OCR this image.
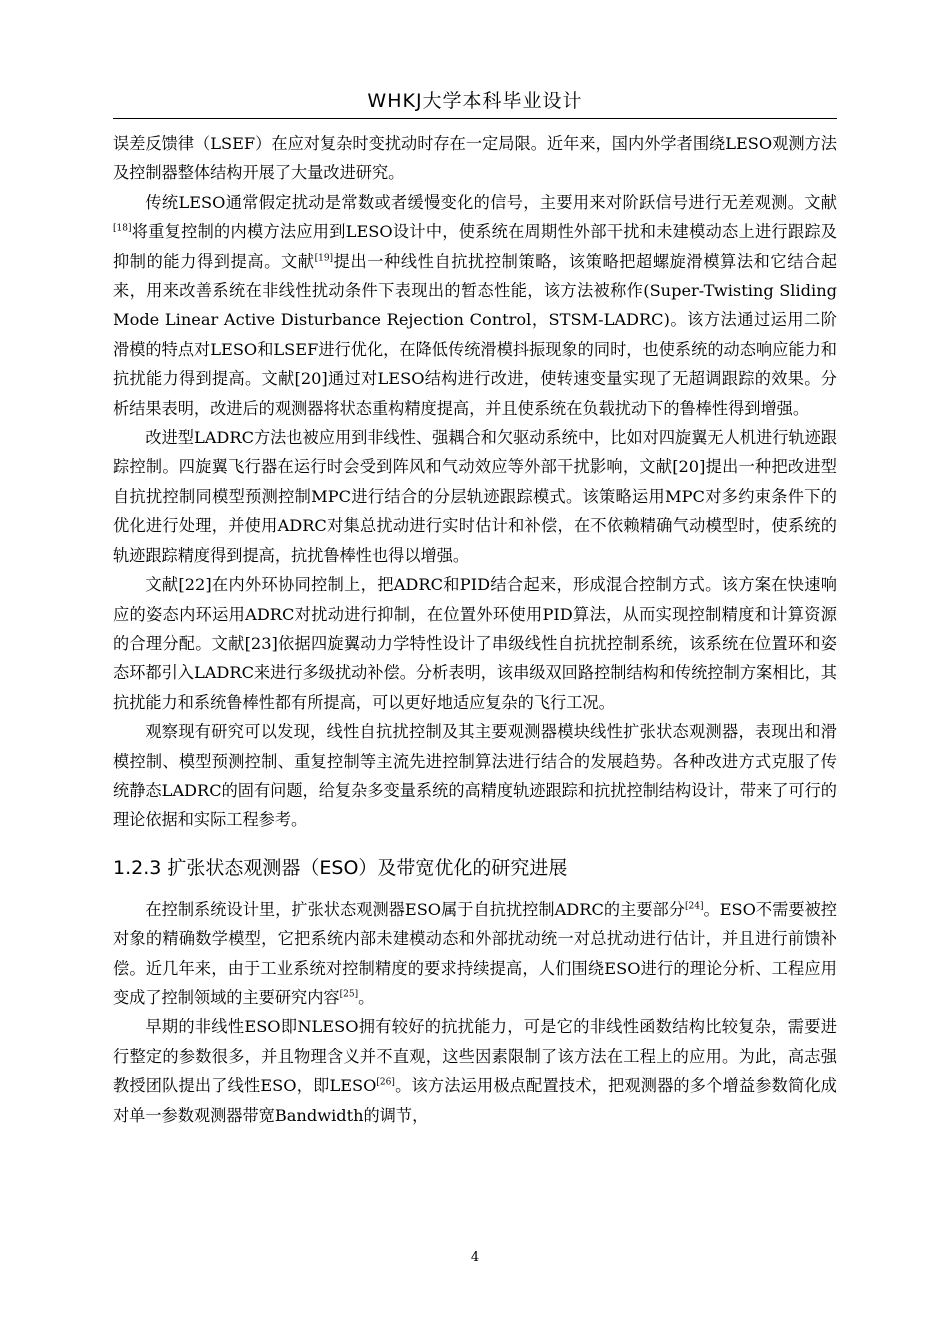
WHKJ大学本科毕业设计

误差反馈律（LSEF）在应对复杂时变扰动时存在一定局限。近年来，国内外学者围绕LESO观测方法及控制器整体结构开展了大量改进研究。

传统LESO通常假定扰动是常数或者缓慢变化的信号，主要用来对阶跃信号进行无差观测。文献[18]将重复控制的内模方法应用到LESO设计中，使系统在周期性外部干扰和未建模动态上进行跟踪及抑制的能力得到提高。文献[19]提出一种线性自抗扰控制策略，该策略把超螺旋滑模算法和它结合起来，用来改善系统在非线性扰动条件下表现出的暂态性能，该方法被称作(Super-Twisting Sliding Mode Linear Active Disturbance Rejection Control，STSM-LADRC)。该方法通过运用二阶滑模的特点对LESO和LSEF进行优化，在降低传统滑模抖振现象的同时，也使系统的动态响应能力和抗扰能力得到提高。文献[20]通过对LESO结构进行改进，使转速变量实现了无超调跟踪的效果。分析结果表明，改进后的观测器将状态重构精度提高，并且使系统在负载扰动下的鲁棒性得到增强。

改进型LADRC方法也被应用到非线性、强耦合和欠驱动系统中，比如对四旋翼无人机进行轨迹跟踪控制。四旋翼飞行器在运行时会受到阵风和气动效应等外部干扰影响，文献[20]提出一种把改进型自抗扰控制同模型预测控制MPC进行结合的分层轨迹跟踪模式。该策略运用MPC对多约束条件下的优化进行处理，并使用ADRC对集总扰动进行实时估计和补偿，在不依赖精确气动模型时，使系统的轨迹跟踪精度得到提高，抗扰鲁棒性也得以增强。

文献[22]在内外环协同控制上，把ADRC和PID结合起来，形成混合控制方式。该方案在快速响应的姿态内环运用ADRC对扰动进行抑制，在位置外环使用PID算法，从而实现控制精度和计算资源的合理分配。文献[23]依据四旋翼动力学特性设计了串级线性自抗扰控制系统，该系统在位置环和姿态环都引入LADRC来进行多级扰动补偿。分析表明，该串级双回路控制结构和传统控制方案相比，其抗扰能力和系统鲁棒性都有所提高，可以更好地适应复杂的飞行工况。

观察现有研究可以发现，线性自抗扰控制及其主要观测器模块线性扩张状态观测器，表现出和滑模控制、模型预测控制、重复控制等主流先进控制算法进行结合的发展趋势。各种改进方式克服了传统静态LADRC的固有问题，给复杂多变量系统的高精度轨迹跟踪和抗扰控制结构设计，带来了可行的理论依据和实际工程参考。

1.2.3 扩张状态观测器（ESO）及带宽优化的研究进展

在控制系统设计里，扩张状态观测器ESO属于自抗扰控制ADRC的主要部分[24]。ESO不需要被控对象的精确数学模型，它把系统内部未建模动态和外部扰动统一对总扰动进行估计，并且进行前馈补偿。近几年来，由于工业系统对控制精度的要求持续提高，人们围绕ESO进行的理论分析、工程应用变成了控制领域的主要研究内容[25]。

早期的非线性ESO即NLESO拥有较好的抗扰能力，可是它的非线性函数结构比较复杂，需要进行整定的参数很多，并且物理含义并不直观，这些因素限制了该方法在工程上的应用。为此，高志强教授团队提出了线性ESO，即LESO[26]。该方法运用极点配置技术，把观测器的多个增益参数简化成对单一参数观测器带宽Bandwidth的调节，

4
